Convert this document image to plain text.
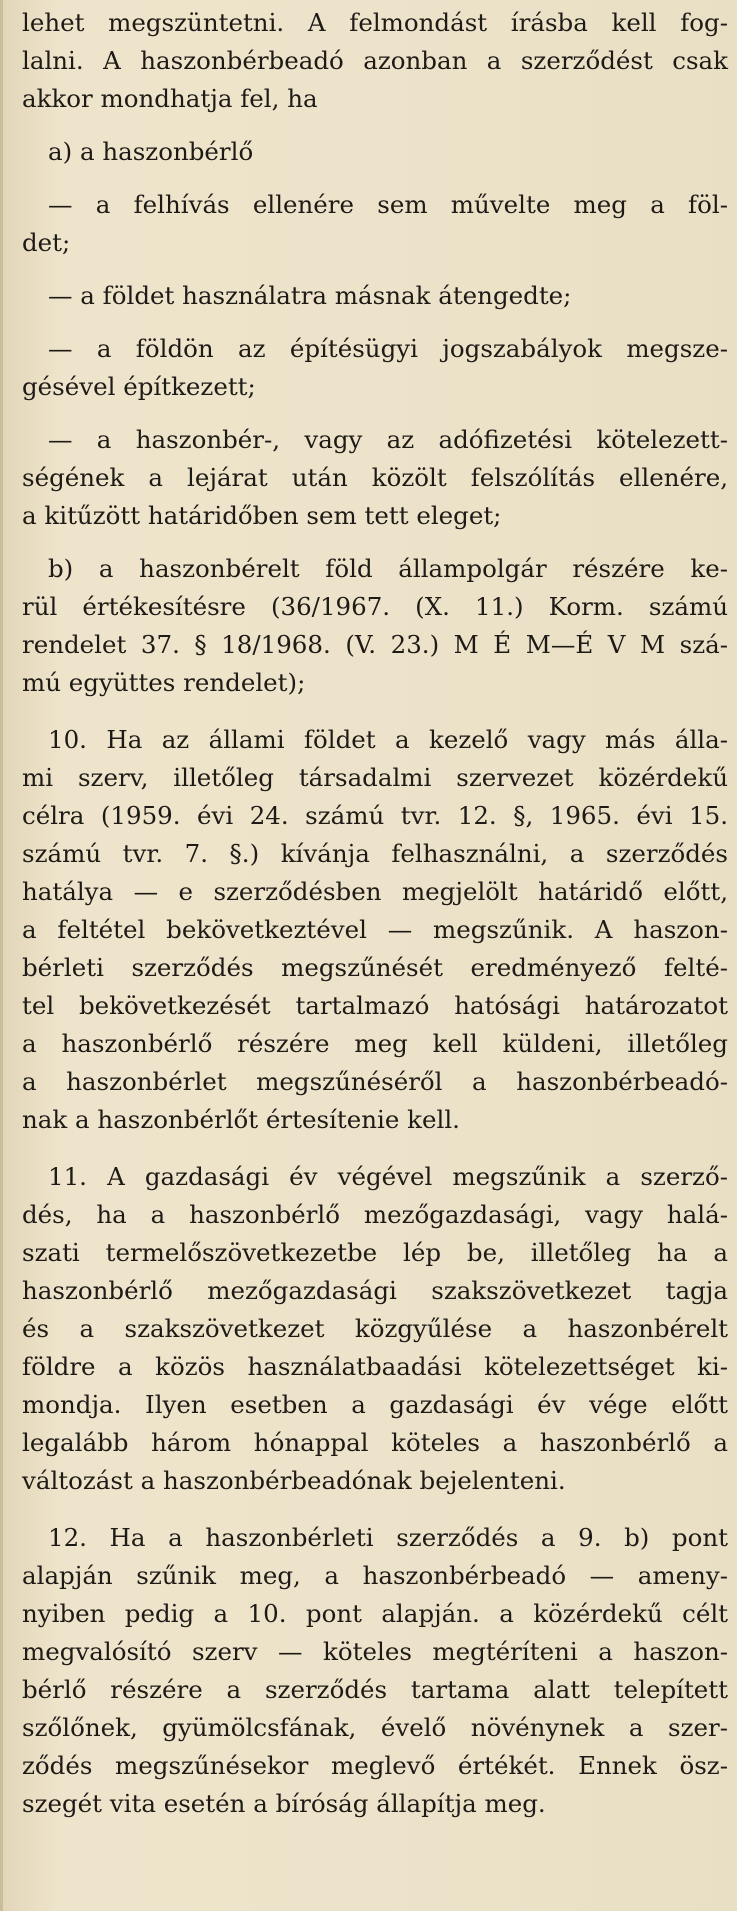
lehet megszüntetni. A felmondást írásba kell fog-
lalni. A haszonbérbeadó azonban a szerződést csak
akkor mondhatja fel, ha
a) a haszonbérlő
— a felhívás ellenére sem művelte meg a föl-
det;
— a földet használatra másnak átengedte;
— a földön az építésügyi jogszabályok megsze-
gésével építkezett;
— a haszonbér-, vagy az adófizetési kötelezett-
ségének a lejárat után közölt felszólítás ellenére,
a kitűzött határidőben sem tett eleget;
b) a haszonbérelt föld állampolgár részére ke-
rül értékesítésre (36/1967. (X. 11.) Korm. számú
rendelet 37. § 18/1968. (V. 23.) M É M—É V M szá-
mú együttes rendelet);
10. Ha az állami földet a kezelő vagy más álla-
mi szerv, illetőleg társadalmi szervezet közérdekű
célra (1959. évi 24. számú tvr. 12. §, 1965. évi 15.
számú tvr. 7. §.) kívánja felhasználni, a szerződés
hatálya — e szerződésben megjelölt határidő előtt,
a feltétel bekövetkeztével — megszűnik. A haszon-
bérleti szerződés megszűnését eredményező felté-
tel bekövetkezését tartalmazó hatósági határozatot
a haszonbérlő részére meg kell küldeni, illetőleg
a haszonbérlet megszűnéséről a haszonbérbeadó-
nak a haszonbérlőt értesítenie kell.
11. A gazdasági év végével megszűnik a szerző-
dés, ha a haszonbérlő mezőgazdasági, vagy halá-
szati termelőszövetkezetbe lép be, illetőleg ha a
haszonbérlő mezőgazdasági szakszövetkezet tagja
és a szakszövetkezet közgyűlése a haszonbérelt
földre a közös használatbaadási kötelezettséget ki-
mondja. Ilyen esetben a gazdasági év vége előtt
legalább három hónappal köteles a haszonbérlő a
változást a haszonbérbeadónak bejelenteni.
12. Ha a haszonbérleti szerződés a 9. b) pont
alapján szűnik meg, a haszonbérbeadó — ameny-
nyiben pedig a 10. pont alapján. a közérdekű célt
megvalósító szerv — köteles megtéríteni a haszon-
bérlő részére a szerződés tartama alatt telepített
szőlőnek, gyümölcsfának, évelő növénynek a szer-
ződés megszűnésekor meglevő értékét. Ennek ösz-
szegét vita esetén a bíróság állapítja meg.
